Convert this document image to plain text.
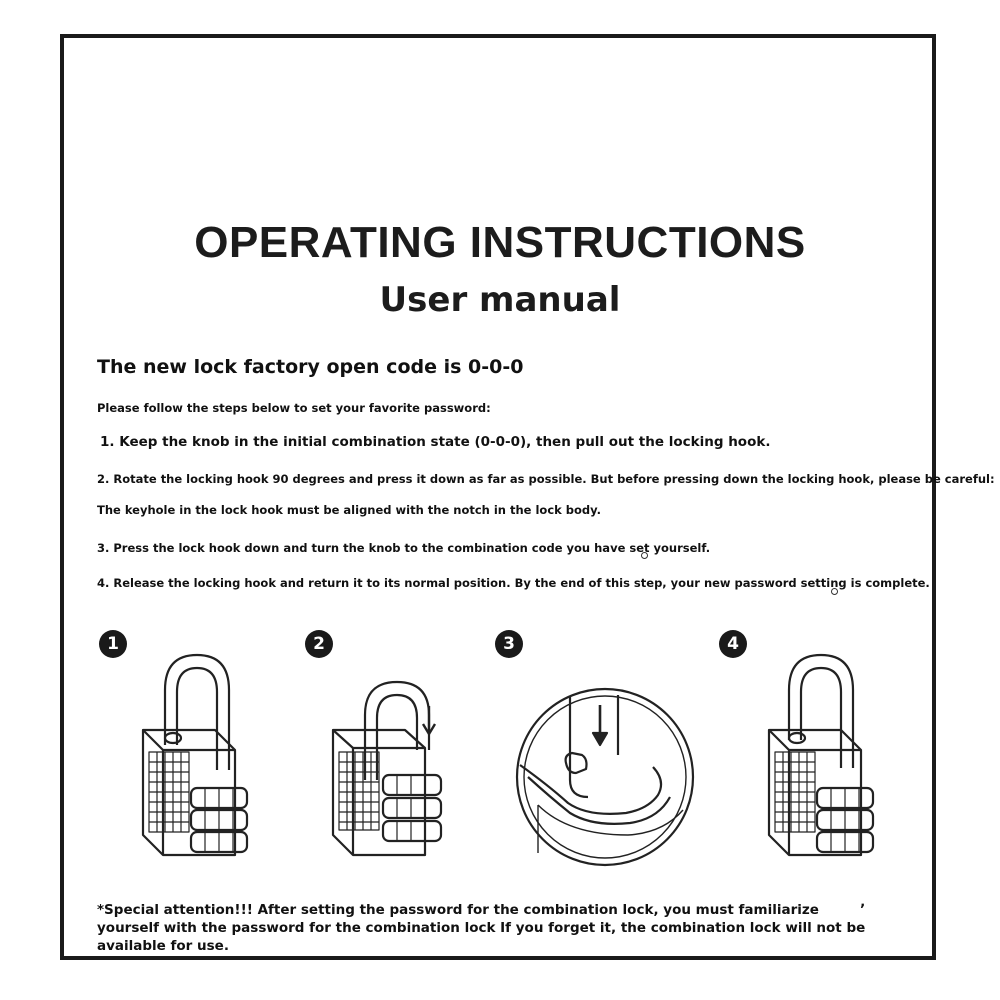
OPERATING INSTRUCTIONS
User manual
The new lock factory open code is 0-0-0
Please follow the steps below to set your favorite password:
1. Keep the knob in the initial combination state (0-0-0), then pull out the locking hook.
2. Rotate the locking hook 90 degrees and press it down as far as possible. But before pressing down the locking hook, please be careful:
The keyhole in the lock hook must be aligned with the notch in the lock body.
3. Press the lock hook down and turn the knob to the combination code you have set yourself.
4. Release the locking hook and return it to its normal position. By the end of this step, your new password setting is complete.
1	2	3	4
*Special attention!!! After setting the password for the combination lock, you must familiarize yourself with the password for the combination lock If you forget it, the combination lock will not be available for use.
ʼ
